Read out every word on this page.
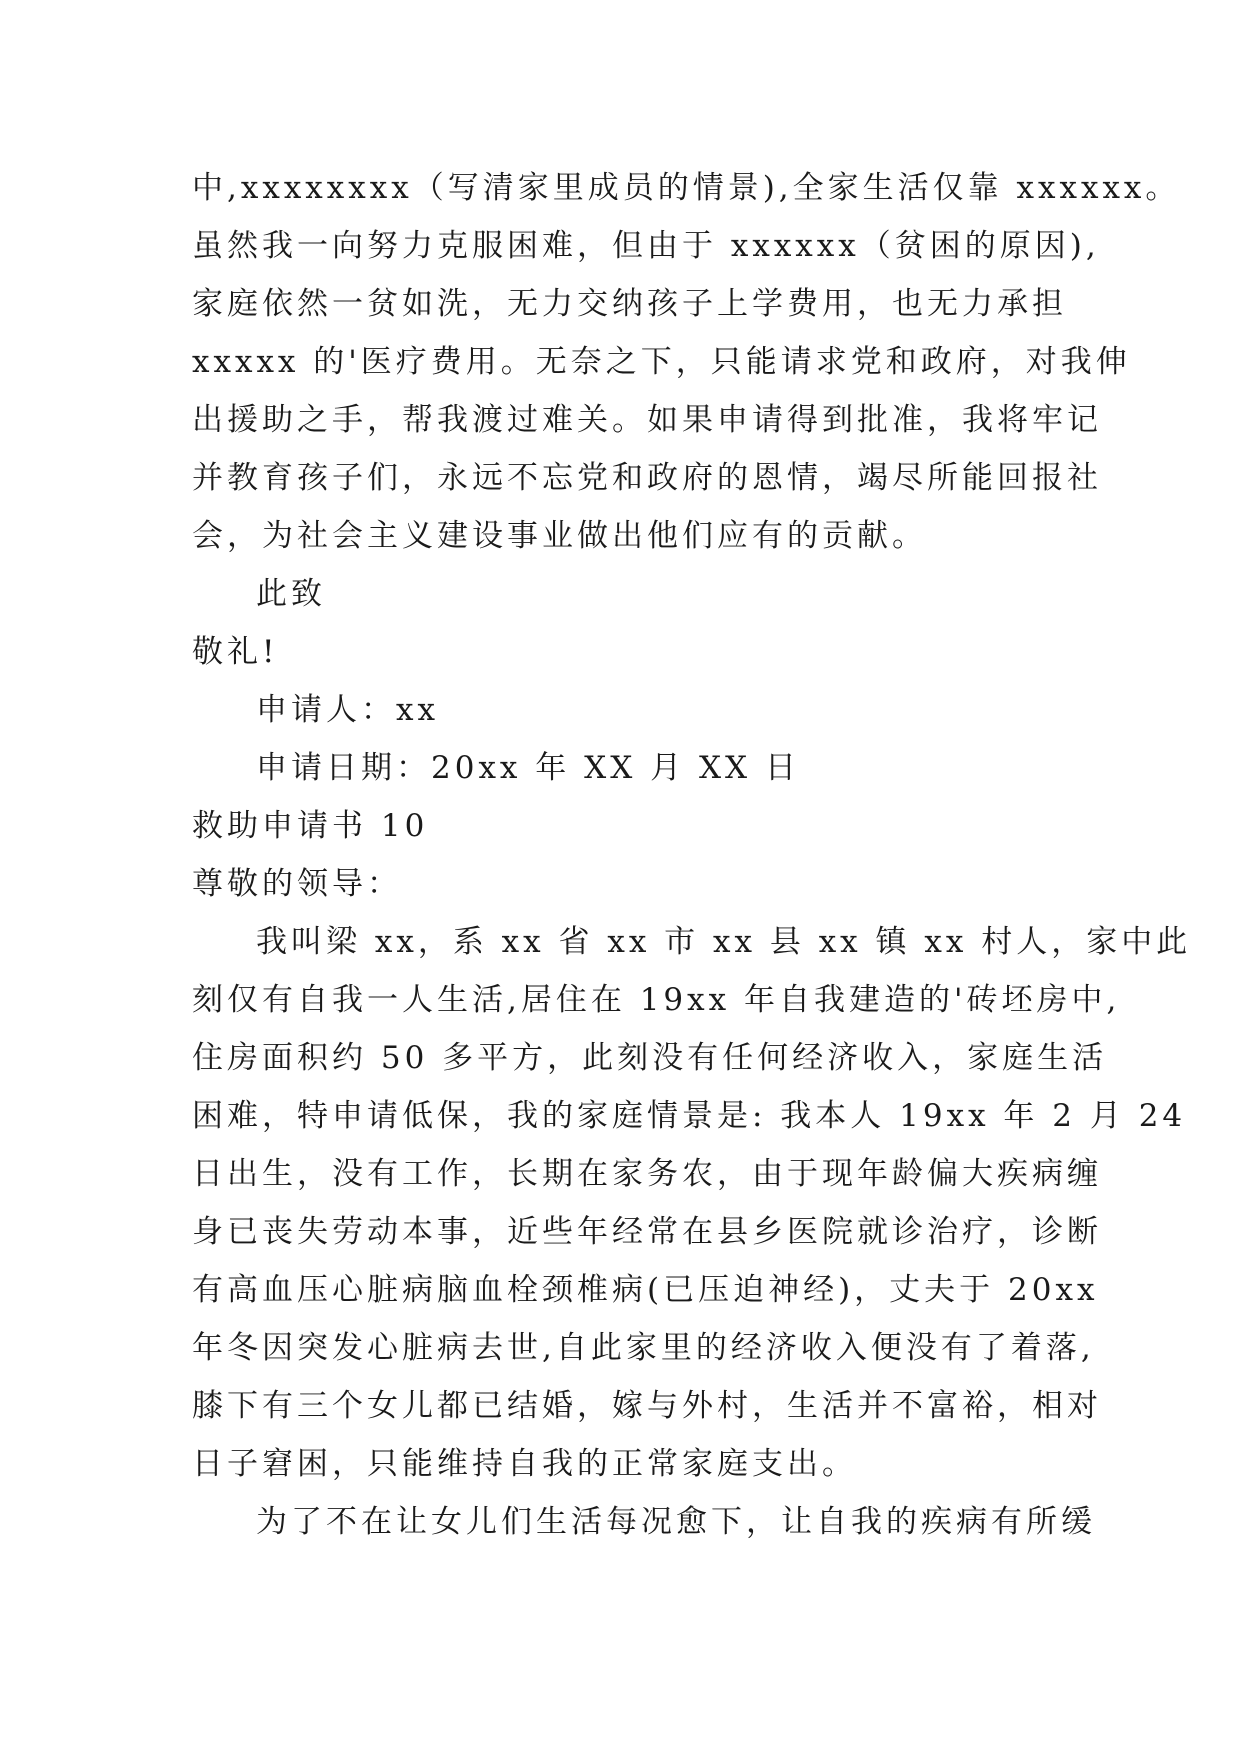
中,xxxxxxxx（写清家里成员的情景),全家生活仅靠 xxxxxx。
虽然我一向努力克服困难，但由于 xxxxxx（贫困的原因),
家庭依然一贫如洗，无力交纳孩子上学费用，也无力承担
xxxxx 的'医疗费用。无奈之下，只能请求党和政府，对我伸
出援助之手，帮我渡过难关。如果申请得到批准，我将牢记
并教育孩子们，永远不忘党和政府的恩情，竭尽所能回报社
会，为社会主义建设事业做出他们应有的贡献。
此致
敬礼!
申请人：xx
申请日期：20xx 年 XX 月 XX 日
救助申请书 10
尊敬的领导：
我叫梁 xx，系 xx 省 xx 市 xx 县 xx 镇 xx 村人，家中此
刻仅有自我一人生活,居住在 19xx 年自我建造的'砖坯房中,
住房面积约 50 多平方，此刻没有任何经济收入，家庭生活
困难，特申请低保，我的家庭情景是: 我本人 19xx 年 2 月 24
日出生，没有工作，长期在家务农，由于现年龄偏大疾病缠
身已丧失劳动本事，近些年经常在县乡医院就诊治疗，诊断
有高血压心脏病脑血栓颈椎病(已压迫神经)，丈夫于 20xx
年冬因突发心脏病去世,自此家里的经济收入便没有了着落,
膝下有三个女儿都已结婚，嫁与外村，生活并不富裕，相对
日子窘困，只能维持自我的正常家庭支出。
为了不在让女儿们生活每况愈下，让自我的疾病有所缓
